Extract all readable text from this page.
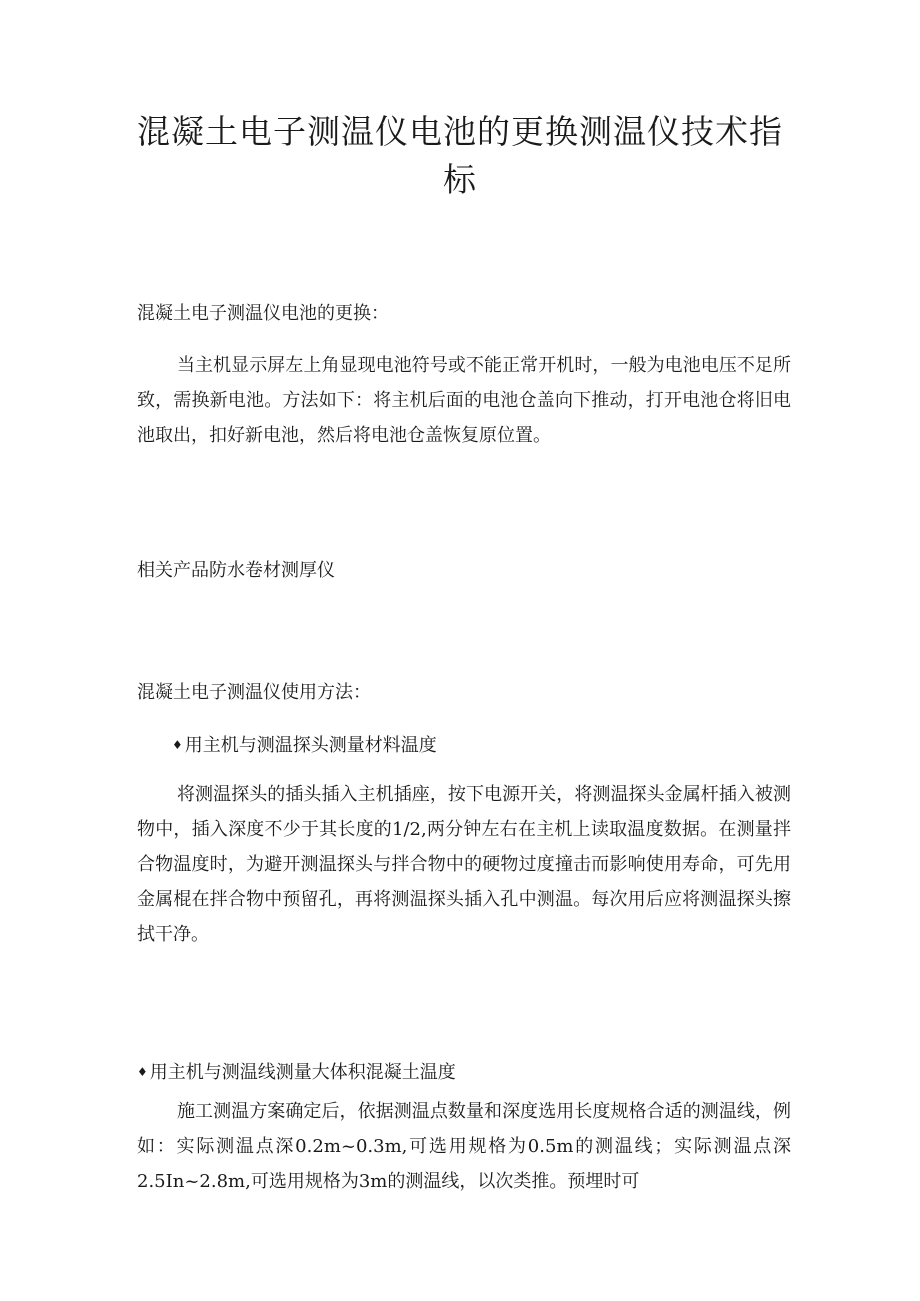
混凝土电子测温仪电池的更换测温仪技术指标

混凝土电子测温仪电池的更换：

当主机显示屏左上角显现电池符号或不能正常开机时，一般为电池电压不足所致，需换新电池。方法如下：将主机后面的电池仓盖向下推动，打开电池仓将旧电池取出，扣好新电池，然后将电池仓盖恢复原位置。

相关产品防水卷材测厚仪

混凝土电子测温仪使用方法：

♦ 用主机与测温探头测量材料温度

将测温探头的插头插入主机插座，按下电源开关，将测温探头金属杆插入被测物中，插入深度不少于其长度的1/2,两分钟左右在主机上读取温度数据。在测量拌合物温度时，为避开测温探头与拌合物中的硬物过度撞击而影响使用寿命，可先用金属棍在拌合物中预留孔，再将测温探头插入孔中测温。每次用后应将测温探头擦拭干净。

♦ 用主机与测温线测量大体积混凝土温度

施工测温方案确定后，依据测温点数量和深度选用长度规格合适的测温线，例如：实际测温点深0.2m~0.3m,可选用规格为0.5m的测温线；实际测温点深2.5In~2.8m,可选用规格为3m的测温线，以次类推。预埋时可
